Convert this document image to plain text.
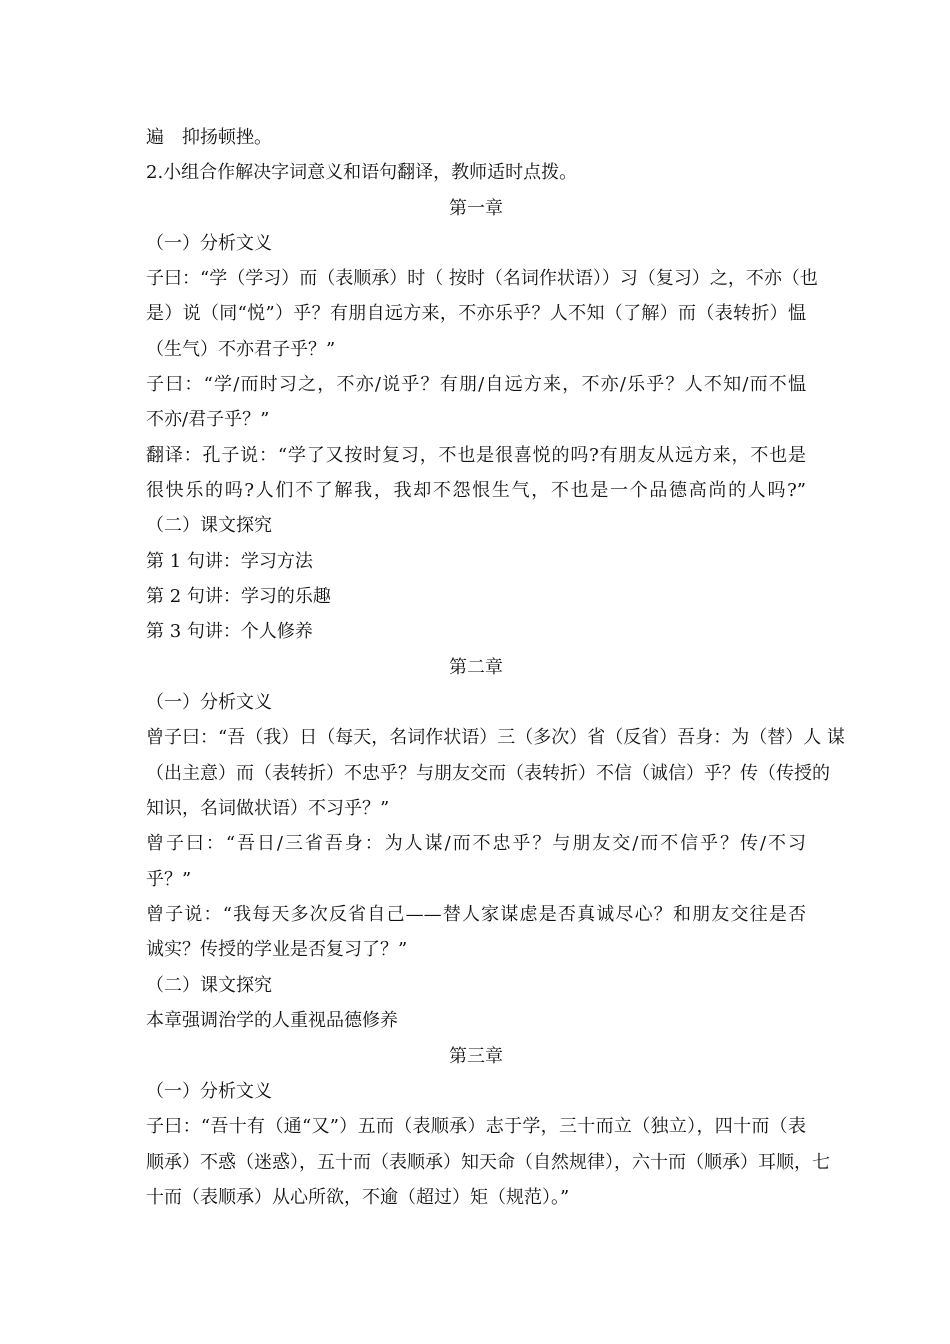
遍　抑扬顿挫。
2.小组合作解决字词意义和语句翻译，教师适时点拨。
第一章
（一）分析文义
子曰：“学（学习）而（表顺承）时（ 按时（名词作状语））习（复习）之，不亦（也
是）说（同“悦”）乎？有朋自远方来，不亦乐乎？人不知（了解）而（表转折）愠
（生气）不亦君子乎？”
子曰：“学/而时习之，不亦/说乎？有朋/自远方来，不亦/乐乎？人不知/而不愠
不亦/君子乎？”
翻译：孔子说：“学了又按时复习，不也是很喜悦的吗?有朋友从远方来，不也是
很快乐的吗?人们不了解我，我却不怨恨生气，不也是一个品德高尚的人吗?”
（二）课文探究
第 1 句讲：学习方法
第 2 句讲：学习的乐趣
第 3 句讲：个人修养
第二章
（一）分析文义
曾子曰：“吾（我）日（每天，名词作状语）三（多次）省（反省）吾身：为（替）人 谋
（出主意）而（表转折）不忠乎？与朋友交而（表转折）不信（诚信）乎？传（传授的
知识，名词做状语）不习乎？”
曾子曰：“吾日/三省吾身：为人谋/而不忠乎？与朋友交/而不信乎？传/不习
乎？”
曾子说：“我每天多次反省自己——替人家谋虑是否真诚尽心？和朋友交往是否
诚实？传授的学业是否复习了？”
（二）课文探究
本章强调治学的人重视品德修养
第三章
（一）分析文义
子曰：“吾十有（通“又”）五而（表顺承）志于学，三十而立（独立），四十而（表
顺承）不惑（迷惑），五十而（表顺承）知天命（自然规律），六十而（顺承）耳顺，七
十而（表顺承）从心所欲，不逾（超过）矩（规范）。”
